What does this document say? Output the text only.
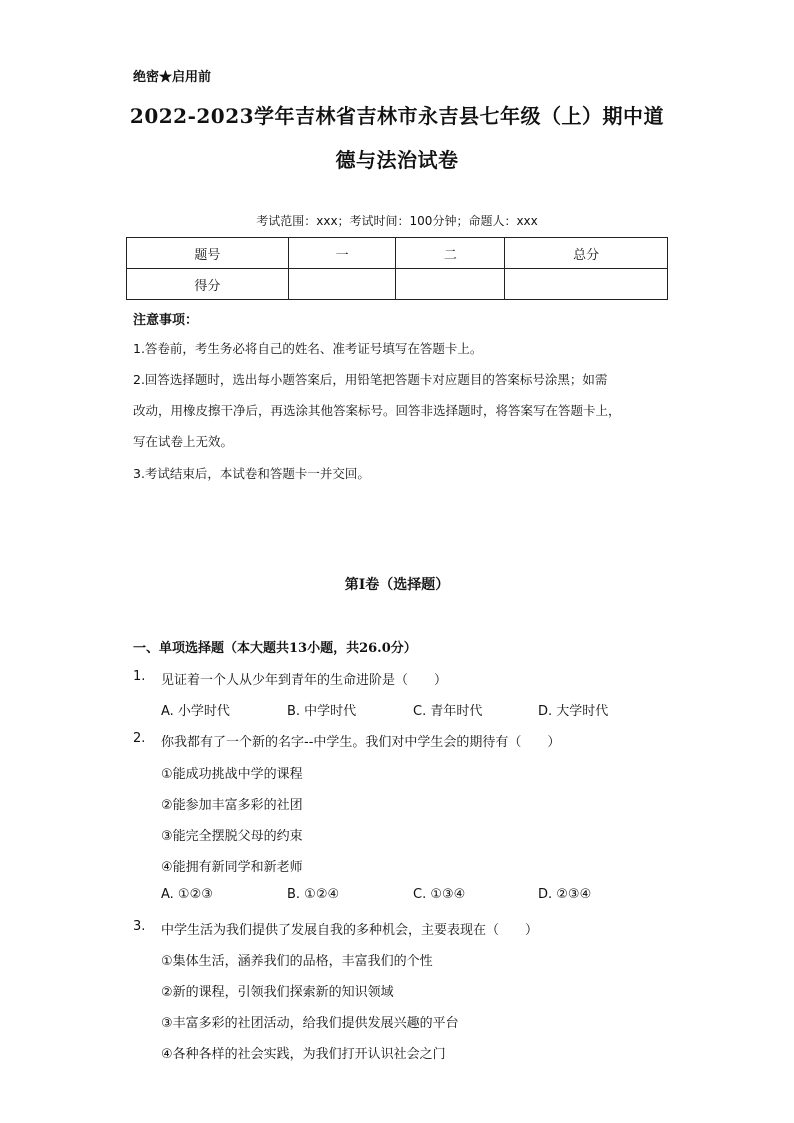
绝密★启用前
2022-2023学年吉林省吉林市永吉县七年级（上）期中道
德与法治试卷
考试范围：xxx；考试时间：100分钟；命题人：xxx
题号	一	二	总分
得分			
注意事项：
1.答卷前，考生务必将自己的姓名、准考证号填写在答题卡上。
2.回答选择题时，选出每小题答案后，用铅笔把答题卡对应题目的答案标号涂黑；如需
改动，用橡皮擦干净后，再选涂其他答案标号。回答非选择题时，将答案写在答题卡上，
写在试卷上无效。
3.考试结束后，本试卷和答题卡一并交回。
第I卷（选择题）
一、单项选择题（本大题共13小题，共26.0分）
1. 见证着一个人从少年到青年的生命进阶是（　　）
A. 小学时代	B. 中学时代	C. 青年时代	D. 大学时代
2. 你我都有了一个新的名字--中学生。我们对中学生会的期待有（　　）
①能成功挑战中学的课程
②能参加丰富多彩的社团
③能完全摆脱父母的约束
④能拥有新同学和新老师
A. ①②③	B. ①②④	C. ①③④	D. ②③④
3. 中学生活为我们提供了发展自我的多种机会，主要表现在（　　）
①集体生活，涵养我们的品格，丰富我们的个性
②新的课程，引领我们探索新的知识领域
③丰富多彩的社团活动，给我们提供发展兴趣的平台
④各种各样的社会实践，为我们打开认识社会之门
